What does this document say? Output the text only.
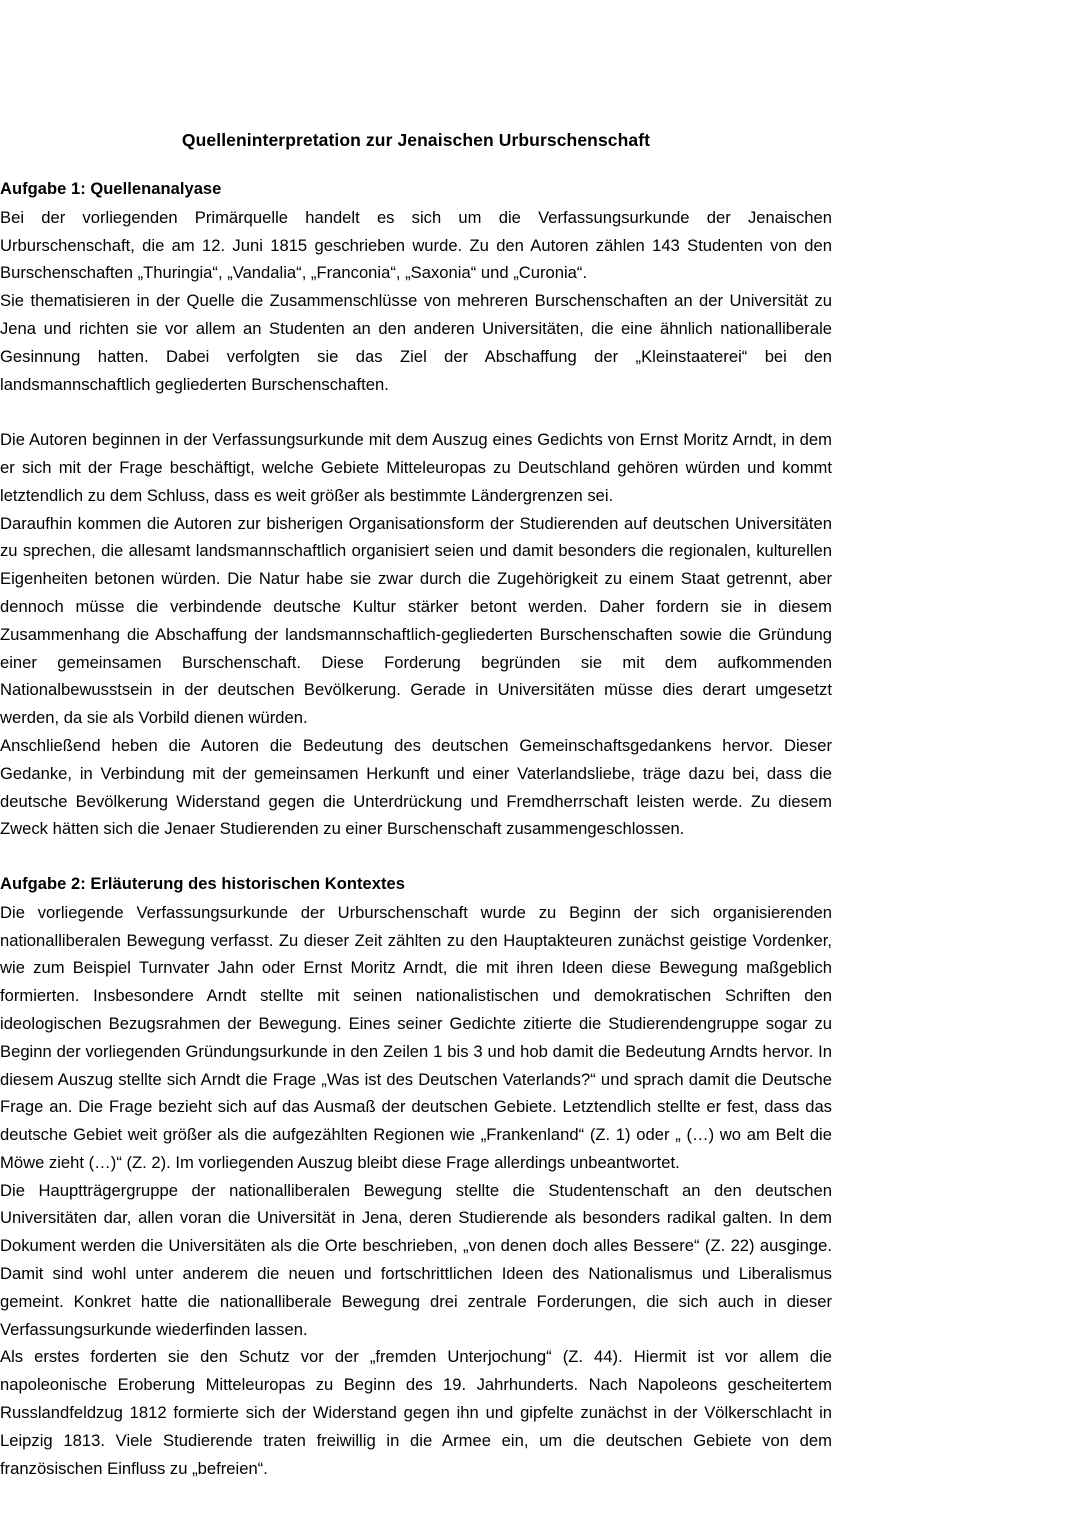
Quelleninterpretation zur Jenaischen Urburschenschaft
Aufgabe 1: Quellenanalyase

Bei der vorliegenden Primärquelle handelt es sich um die Verfassungsurkunde der Jenaischen Urburschenschaft, die am 12. Juni 1815 geschrieben wurde. Zu den Autoren zählen 143 Studenten von den Burschenschaften „Thuringia“, „Vandalia“, „Franconia“, „Saxonia“ und „Curonia“.

Sie thematisieren in der Quelle die Zusammenschlüsse von mehreren Burschenschaften an der Universität zu Jena und richten sie vor allem an Studenten an den anderen Universitäten, die eine ähnlich nationalliberale Gesinnung hatten. Dabei verfolgten sie das Ziel der Abschaffung der „Kleinstaaterei“ bei den landsmannschaftlich gegliederten Burschenschaften.

Die Autoren beginnen in der Verfassungsurkunde mit dem Auszug eines Gedichts von Ernst Moritz Arndt, in dem er sich mit der Frage beschäftigt, welche Gebiete Mitteleuropas zu Deutschland gehören würden und kommt letztendlich zu dem Schluss, dass es weit größer als bestimmte Ländergrenzen sei.

Daraufhin kommen die Autoren zur bisherigen Organisationsform der Studierenden auf deutschen Universitäten zu sprechen, die allesamt landsmannschaftlich organisiert seien und damit besonders die regionalen, kulturellen Eigenheiten betonen würden. Die Natur habe sie zwar durch die Zugehörigkeit zu einem Staat getrennt, aber dennoch müsse die verbindende deutsche Kultur stärker betont werden. Daher fordern sie in diesem Zusammenhang die Abschaffung der landsmannschaftlich-gegliederten Burschenschaften sowie die Gründung einer gemeinsamen Burschenschaft. Diese Forderung begründen sie mit dem aufkommenden Nationalbewusstsein in der deutschen Bevölkerung. Gerade in Universitäten müsse dies derart umgesetzt werden, da sie als Vorbild dienen würden.

Anschließend heben die Autoren die Bedeutung des deutschen Gemeinschaftsgedankens hervor. Dieser Gedanke, in Verbindung mit der gemeinsamen Herkunft und einer Vaterlandsliebe, träge dazu bei, dass die deutsche Bevölkerung Widerstand gegen die Unterdrückung und Fremdherrschaft leisten werde. Zu diesem Zweck hätten sich die Jenaer Studierenden zu einer Burschenschaft zusammengeschlossen.

Aufgabe 2: Erläuterung des historischen Kontextes

Die vorliegende Verfassungsurkunde der Urburschenschaft wurde zu Beginn der sich organisierenden nationalliberalen Bewegung verfasst. Zu dieser Zeit zählten zu den Hauptakteuren zunächst geistige Vordenker, wie zum Beispiel Turnvater Jahn oder Ernst Moritz Arndt, die mit ihren Ideen diese Bewegung maßgeblich formierten. Insbesondere Arndt stellte mit seinen nationalistischen und demokratischen Schriften den ideologischen Bezugsrahmen der Bewegung. Eines seiner Gedichte zitierte die Studierendengruppe sogar zu Beginn der vorliegenden Gründungsurkunde in den Zeilen 1 bis 3 und hob damit die Bedeutung Arndts hervor. In diesem Auszug stellte sich Arndt die Frage „Was ist des Deutschen Vaterlands?“ und sprach damit die Deutsche Frage an. Die Frage bezieht sich auf das Ausmaß der deutschen Gebiete. Letztendlich stellte er fest, dass das deutsche Gebiet weit größer als die aufgezählten Regionen wie „Frankenland“ (Z. 1) oder „ (…) wo am Belt die Möwe zieht (…)“ (Z. 2). Im vorliegenden Auszug bleibt diese Frage allerdings unbeantwortet.

Die Hauptträgergruppe der nationalliberalen Bewegung stellte die Studentenschaft an den deutschen Universitäten dar, allen voran die Universität in Jena, deren Studierende als besonders radikal galten. In dem Dokument werden die Universitäten als die Orte beschrieben, „von denen doch alles Bessere“ (Z. 22) ausginge. Damit sind wohl unter anderem die neuen und fortschrittlichen Ideen des Nationalismus und Liberalismus gemeint. Konkret hatte die nationalliberale Bewegung drei zentrale Forderungen, die sich auch in dieser Verfassungsurkunde wiederfinden lassen.

Als erstes forderten sie den Schutz vor der „fremden Unterjochung“ (Z. 44). Hiermit ist vor allem die napoleonische Eroberung Mitteleuropas zu Beginn des 19. Jahrhunderts. Nach Napoleons gescheitertem Russlandfeldzug 1812 formierte sich der Widerstand gegen ihn und gipfelte zunächst in der Völkerschlacht in Leipzig 1813. Viele Studierende traten freiwillig in die Armee ein, um die deutschen Gebiete von dem französischen Einfluss zu „befreien“.
